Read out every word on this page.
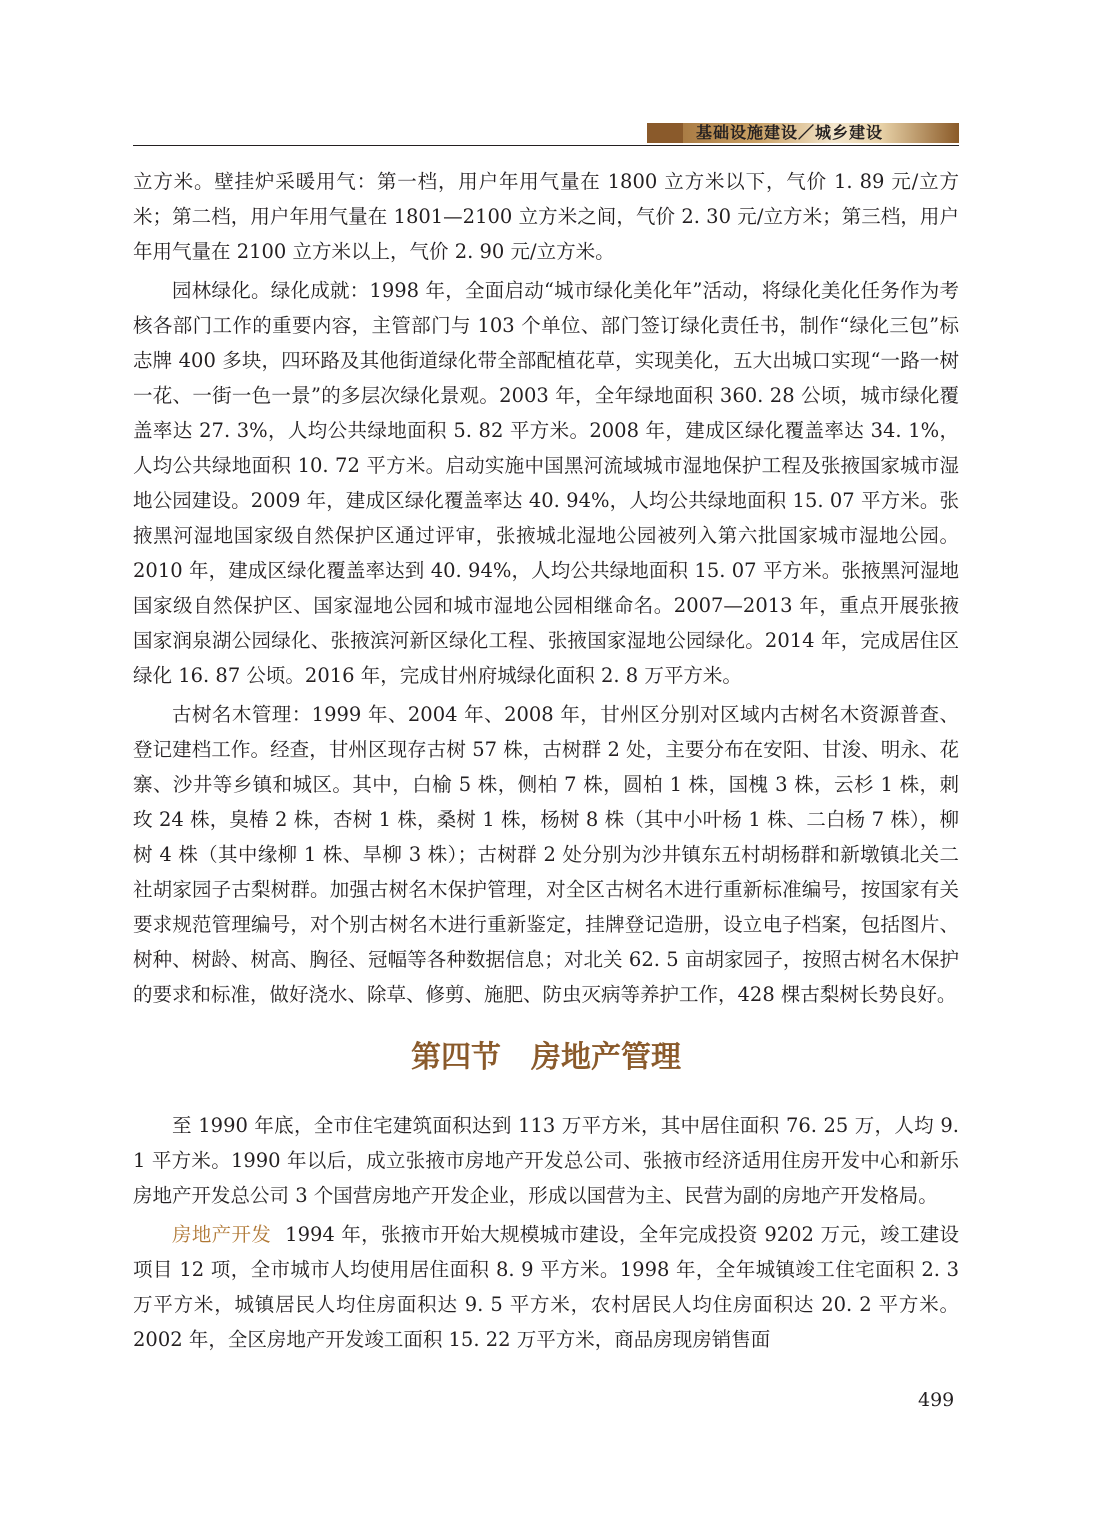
基础设施建设／城乡建设

立方米。壁挂炉采暖用气：第一档，用户年用气量在 1800 立方米以下，气价 1. 89 元/立方米；第二档，用户年用气量在 1801—2100 立方米之间，气价 2. 30 元/立方米；第三档，用户年用气量在 2100 立方米以上，气价 2. 90 元/立方米。

园林绿化。绿化成就：1998 年，全面启动“城市绿化美化年”活动，将绿化美化任务作为考核各部门工作的重要内容，主管部门与 103 个单位、部门签订绿化责任书，制作“绿化三包”标志牌 400 多块，四环路及其他街道绿化带全部配植花草，实现美化，五大出城口实现“一路一树一花、一街一色一景”的多层次绿化景观。2003 年，全年绿地面积 360. 28 公顷，城市绿化覆盖率达 27. 3%，人均公共绿地面积 5. 82 平方米。2008 年，建成区绿化覆盖率达 34. 1%，人均公共绿地面积 10. 72 平方米。启动实施中国黑河流域城市湿地保护工程及张掖国家城市湿地公园建设。2009 年，建成区绿化覆盖率达 40. 94%，人均公共绿地面积 15. 07 平方米。张掖黑河湿地国家级自然保护区通过评审，张掖城北湿地公园被列入第六批国家城市湿地公园。2010 年，建成区绿化覆盖率达到 40. 94%，人均公共绿地面积 15. 07 平方米。张掖黑河湿地国家级自然保护区、国家湿地公园和城市湿地公园相继命名。2007—2013 年，重点开展张掖国家润泉湖公园绿化、张掖滨河新区绿化工程、张掖国家湿地公园绿化。2014 年，完成居住区绿化 16. 87 公顷。2016 年，完成甘州府城绿化面积 2. 8 万平方米。

古树名木管理：1999 年、2004 年、2008 年，甘州区分别对区域内古树名木资源普查、登记建档工作。经查，甘州区现存古树 57 株，古树群 2 处，主要分布在安阳、甘浚、明永、花寨、沙井等乡镇和城区。其中，白榆 5 株，侧柏 7 株，圆柏 1 株，国槐 3 株，云杉 1 株，刺玫 24 株，臭椿 2 株，杏树 1 株，桑树 1 株，杨树 8 株（其中小叶杨 1 株、二白杨 7 株），柳树 4 株（其中缘柳 1 株、旱柳 3 株）；古树群 2 处分别为沙井镇东五村胡杨群和新墩镇北关二社胡家园子古梨树群。加强古树名木保护管理，对全区古树名木进行重新标准编号，按国家有关要求规范管理编号，对个别古树名木进行重新鉴定，挂牌登记造册，设立电子档案，包括图片、树种、树龄、树高、胸径、冠幅等各种数据信息；对北关 62. 5 亩胡家园子，按照古树名木保护的要求和标准，做好浇水、除草、修剪、施肥、防虫灭病等养护工作，428 棵古梨树长势良好。

第四节　房地产管理

至 1990 年底，全市住宅建筑面积达到 113 万平方米，其中居住面积 76. 25 万，人均 9. 1 平方米。1990 年以后，成立张掖市房地产开发总公司、张掖市经济适用住房开发中心和新乐房地产开发总公司 3 个国营房地产开发企业，形成以国营为主、民营为副的房地产开发格局。

房地产开发 1994 年，张掖市开始大规模城市建设，全年完成投资 9202 万元，竣工建设项目 12 项，全市城市人均使用居住面积 8. 9 平方米。1998 年，全年城镇竣工住宅面积 2. 3 万平方米，城镇居民人均住房面积达 9. 5 平方米，农村居民人均住房面积达 20. 2 平方米。2002 年，全区房地产开发竣工面积 15. 22 万平方米，商品房现房销售面

499
